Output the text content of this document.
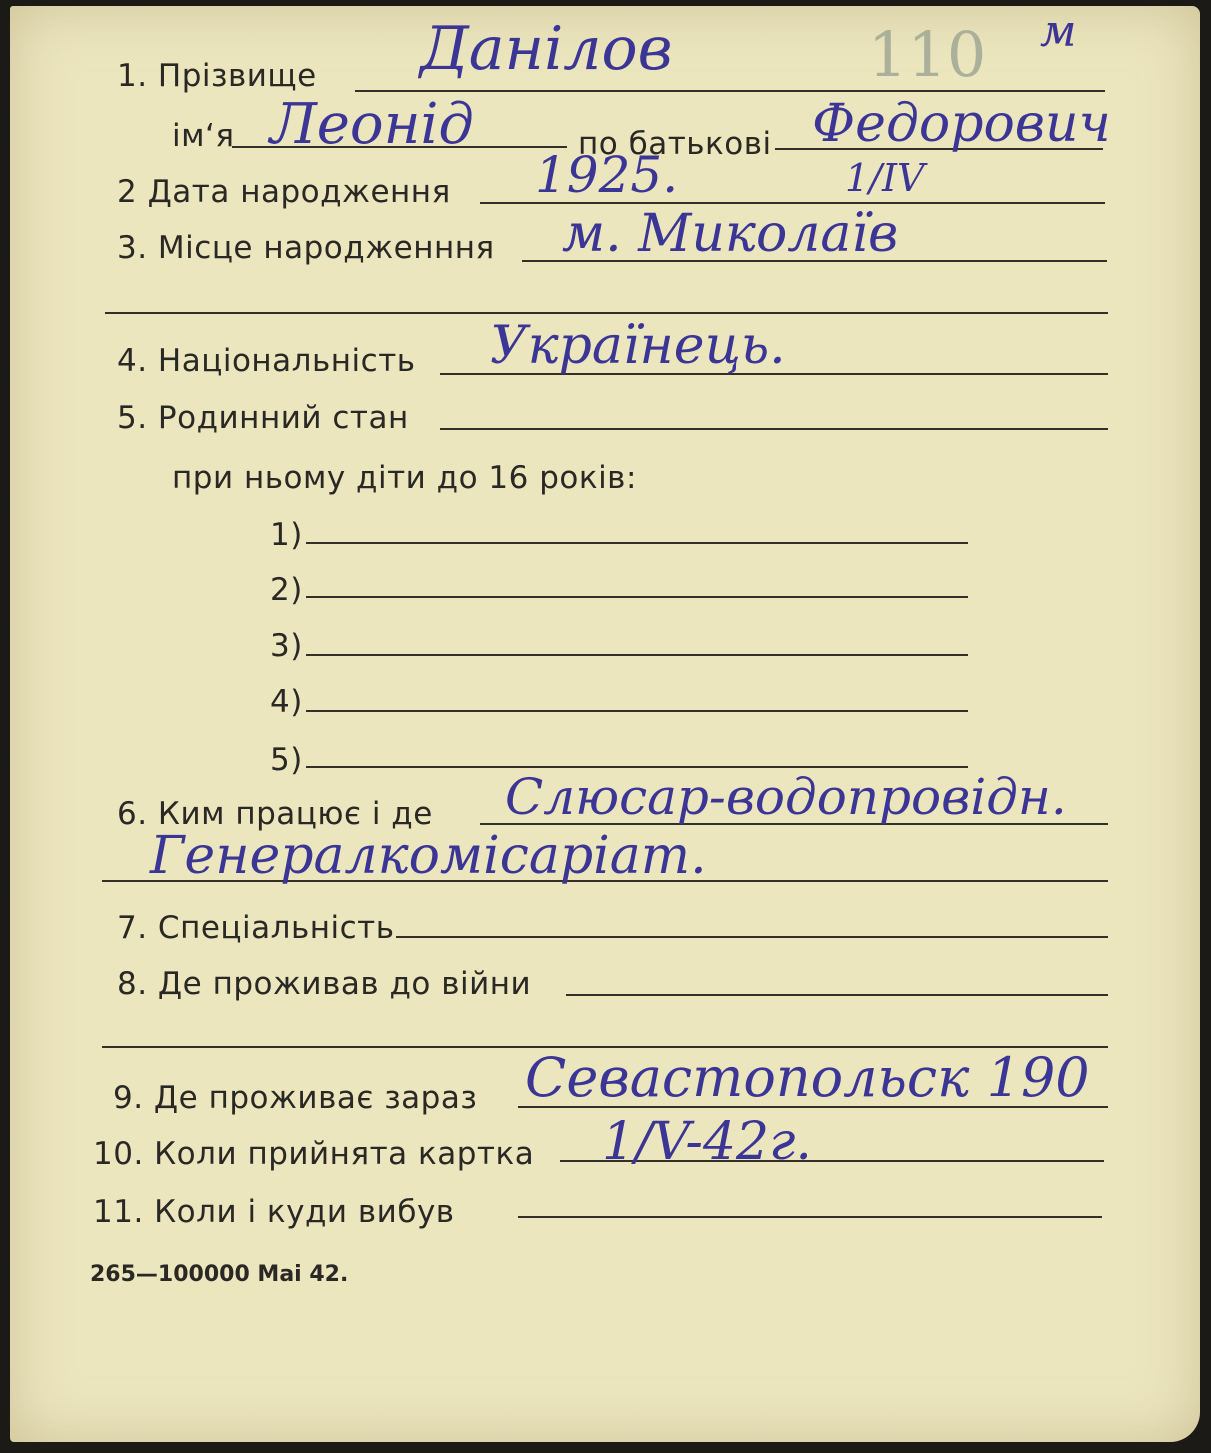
1. Прізвище Данілов	110 м
ім‘я Леонід	по батькові Федорович
2 Дата народження 1925.	1/IV
3. Місце народженння м. Миколаїв
4. Національність Українець.
5. Родинний стан
при ньому діти до 16 років:
1)
2)
3)
4)
5)
6. Ким працює і де Слюсар-водопровідн.
Генералкомісаріат.
7. Спеціальність
8. Де проживав до війни
9. Де проживає зараз Севастопольск 190
10. Коли прийнята картка 1/V-42г.
11. Коли і куди вибув
265—100000 Mai 42.
